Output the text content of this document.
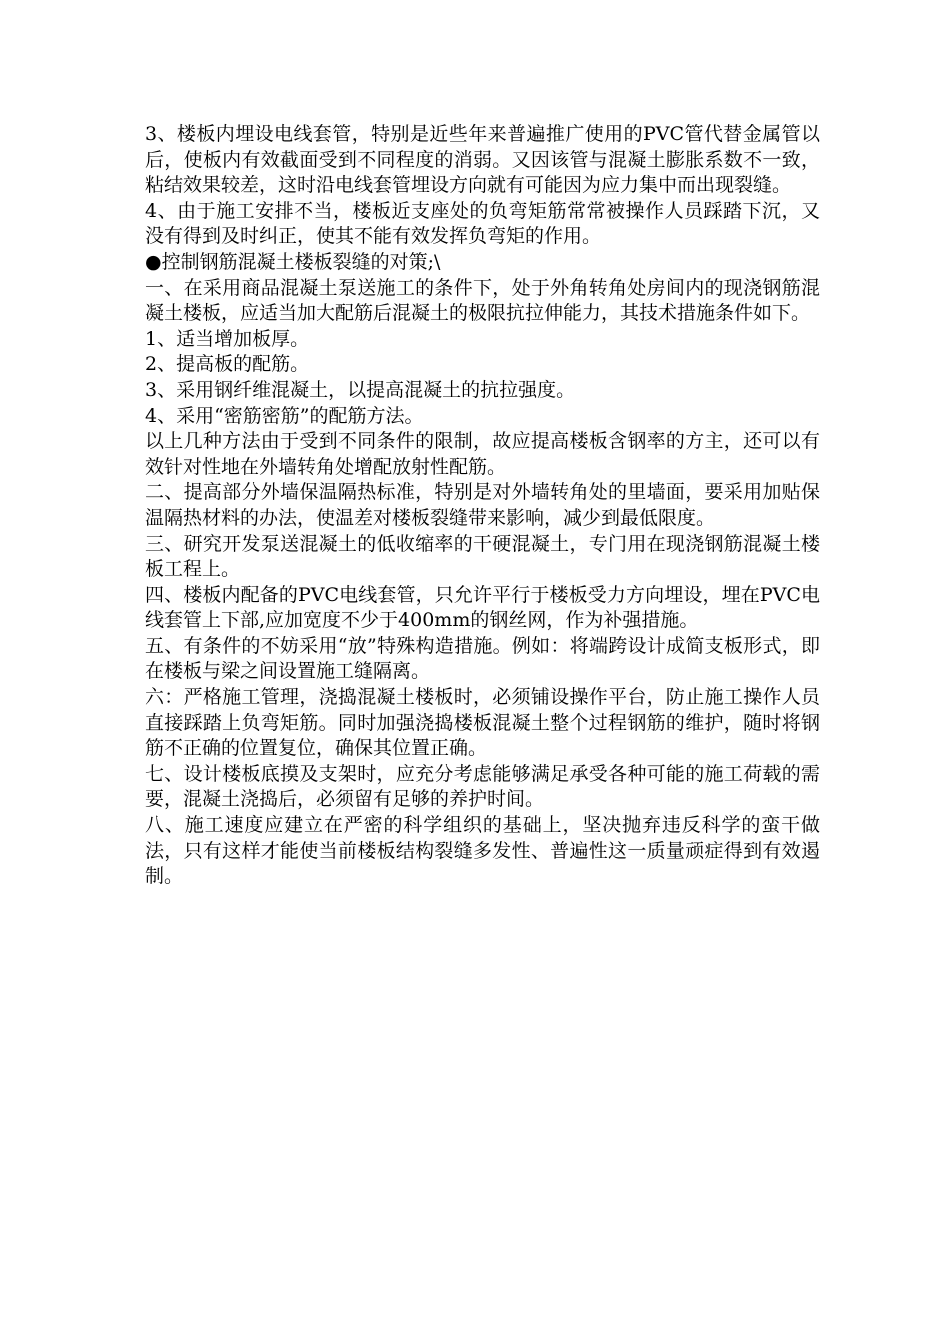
3、楼板内埋设电线套管，特别是近些年来普遍推广使用的PVC管代替金属管以后，使板内有效截面受到不同程度的消弱。又因该管与混凝土膨胀系数不一致，粘结效果较差，这时沿电线套管埋设方向就有可能因为应力集中而出现裂缝。

4、由于施工安排不当，楼板近支座处的负弯矩筋常常被操作人员踩踏下沉，又没有得到及时纠正，使其不能有效发挥负弯矩的作用。

●控制钢筋混凝土楼板裂缝的对策;\

一、在采用商品混凝土泵送施工的条件下，处于外角转角处房间内的现浇钢筋混凝土楼板，应适当加大配筋后混凝土的极限抗拉伸能力，其技术措施条件如下。

1、适当增加板厚。

2、提高板的配筋。

3、采用钢纤维混凝土，以提高混凝土的抗拉强度。

4、采用“密筋密筋”的配筋方法。

以上几种方法由于受到不同条件的限制，故应提高楼板含钢率的方主，还可以有效针对性地在外墙转角处增配放射性配筋。

二、提高部分外墙保温隔热标准，特别是对外墙转角处的里墙面，要采用加贴保温隔热材料的办法，使温差对楼板裂缝带来影响，减少到最低限度。

三、研究开发泵送混凝土的低收缩率的干硬混凝土，专门用在现浇钢筋混凝土楼板工程上。

四、楼板内配备的PVC电线套管，只允许平行于楼板受力方向埋设，埋在PVC电线套管上下部,应加宽度不少于400mm的钢丝网，作为补强措施。

五、有条件的不妨采用“放”特殊构造措施。例如：将端跨设计成简支板形式，即在楼板与梁之间设置施工缝隔离。

六：严格施工管理，浇捣混凝土楼板时，必须铺设操作平台，防止施工操作人员直接踩踏上负弯矩筋。同时加强浇捣楼板混凝土整个过程钢筋的维护，随时将钢筋不正确的位置复位，确保其位置正确。

七、设计楼板底摸及支架时，应充分考虑能够满足承受各种可能的施工荷载的需要，混凝土浇捣后，必须留有足够的养护时间。

八、施工速度应建立在严密的科学组织的基础上，坚决抛弃违反科学的蛮干做法，只有这样才能使当前楼板结构裂缝多发性、普遍性这一质量顽症得到有效遏制。
